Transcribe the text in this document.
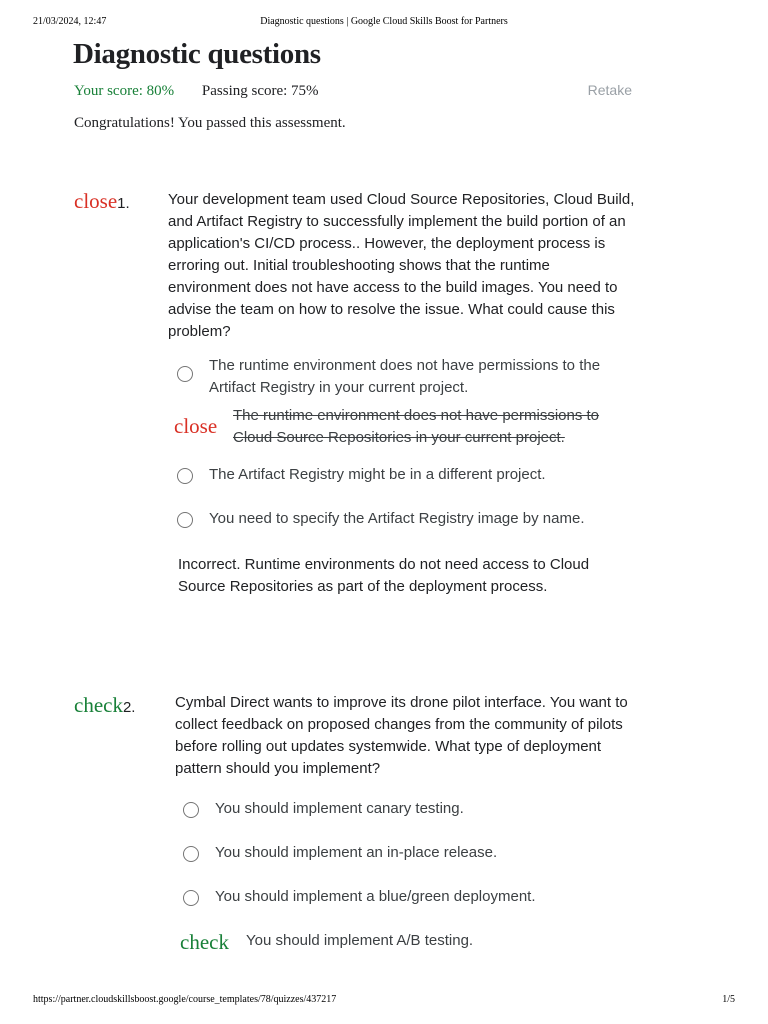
21/03/2024, 12:47	Diagnostic questions | Google Cloud Skills Boost for Partners
Diagnostic questions
Your score: 80% Passing score: 75%	Retake
Congratulations! You passed this assessment.
close1.	Your development team used Cloud Source Repositories, Cloud Build, and Artifact Registry to successfully implement the build portion of an application's CI/CD process.. However, the deployment process is erroring out. Initial troubleshooting shows that the runtime environment does not have access to the build images. You need to advise the team on how to resolve the issue. What could cause this problem?
The runtime environment does not have permissions to the Artifact Registry in your current project.
close The runtime environment does not have permissions to Cloud Source Repositories in your current project.
The Artifact Registry might be in a different project.
You need to specify the Artifact Registry image by name.
Incorrect. Runtime environments do not need access to Cloud Source Repositories as part of the deployment process.
check2.	Cymbal Direct wants to improve its drone pilot interface. You want to collect feedback on proposed changes from the community of pilots before rolling out updates systemwide. What type of deployment pattern should you implement?
You should implement canary testing.
You should implement an in-place release.
You should implement a blue/green deployment.
check You should implement A/B testing.
https://partner.cloudskillsboost.google/course_templates/78/quizzes/437217	1/5
